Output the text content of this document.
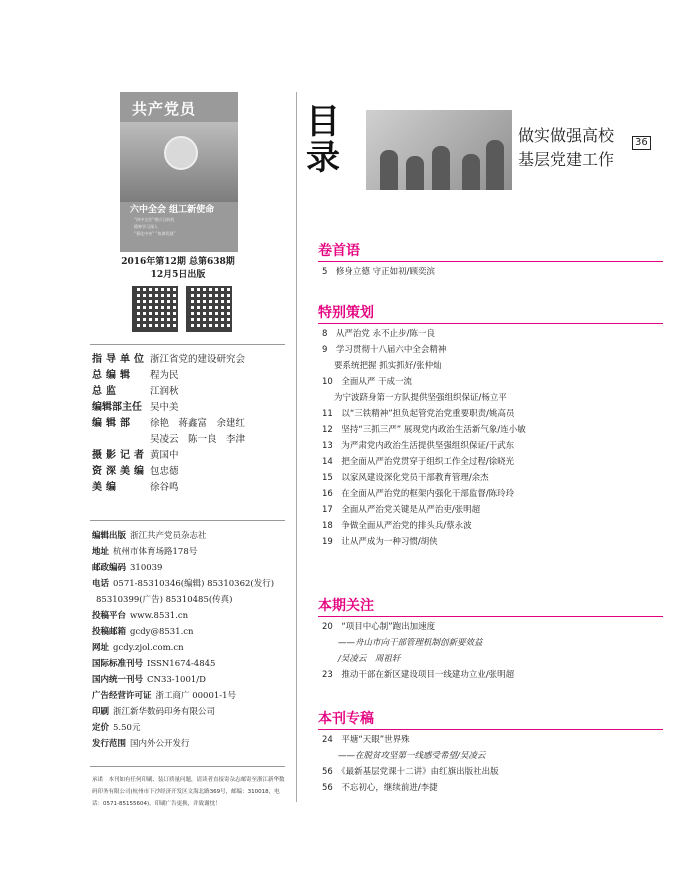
共产党员
六中全会 组工新使命
“四中全会”相应目前机
精神学习深入
“强化中央” “协调发展”
2016年第12期 总第638期
12月5日出版
指导单位 浙江省党的建设研究会
总编辑	程为民
总监	江润秋
编辑部主任 吴中美
编辑部	徐艳　蒋鑫富　余建红
吴凌云　陈一良　李津
摄影记者 黄国中
资深美编 包忠德
美编	徐谷鸣
编辑出版 浙江共产党员杂志社
地址 杭州市体育场路178号
邮政编码 310039
电话 0571-85310346(编辑) 85310362(发行)
85310399(广告) 85310485(传真)
投稿平台 www.8531.cn
投稿邮箱 gcdy@8531.cn
网址 gcdy.zjol.com.cn
国际标准刊号 ISSN1674-4845
国内统一刊号 CN33-1001/D
广告经营许可证 浙工商广 00001-1号
印刷 浙江新华数码印务有限公司
定价 5.50元
发行范围 国内外公开发行
承诺　本刊如有任何印刷、装订质量问题，请读者直接寄杂志邮寄至浙江新华数码印务有限公司(杭州市下沙经济开发区文海北路369号，邮编：310018，电话：0571-85155604)，印刷广告更换，并致谢忱！
目录
做实做强高校
基层党建工作
36
卷首语
5　修身立德 守正如初/顾奕滨
特别策划
8　从严治党 永不止步/陈一良
9　学习贯彻十八届六中全会精神
要系统把握 抓实抓好/张仲灿
10　全面从严 干成一流
为宁波跻身第一方队提供坚强组织保证/杨立平
11　以“三铁精神”担负起管党治党重要职责/姚高员
12　坚持“三抓三严” 展现党内政治生活新气象/连小敏
13　为严肃党内政治生活提供坚强组织保证/干武东
14　把全面从严治党贯穿于组织工作全过程/徐晓光
15　以家风建设深化党员干部教育管理/余杰
16　在全面从严治党的框架内强化干部监督/陈玲玲
17　全面从严治党关键是从严治吏/张明超
18　争做全面从严治党的排头兵/蔡永波
19　让从严成为一种习惯/胡侠
本期关注
20　“项目中心制”跑出加速度
——舟山市向干部管理机制创新要效益
/吴凌云　周祖轩
23　推动干部在新区建设项目一线建功立业/张明超
本刊专稿
24　平塘“天眼”世界殊
——在脱贫攻坚第一线感受希望/吴凌云
56　《最新基层党课十二讲》由红旗出版社出版
56　不忘初心，继续前进/李捷
